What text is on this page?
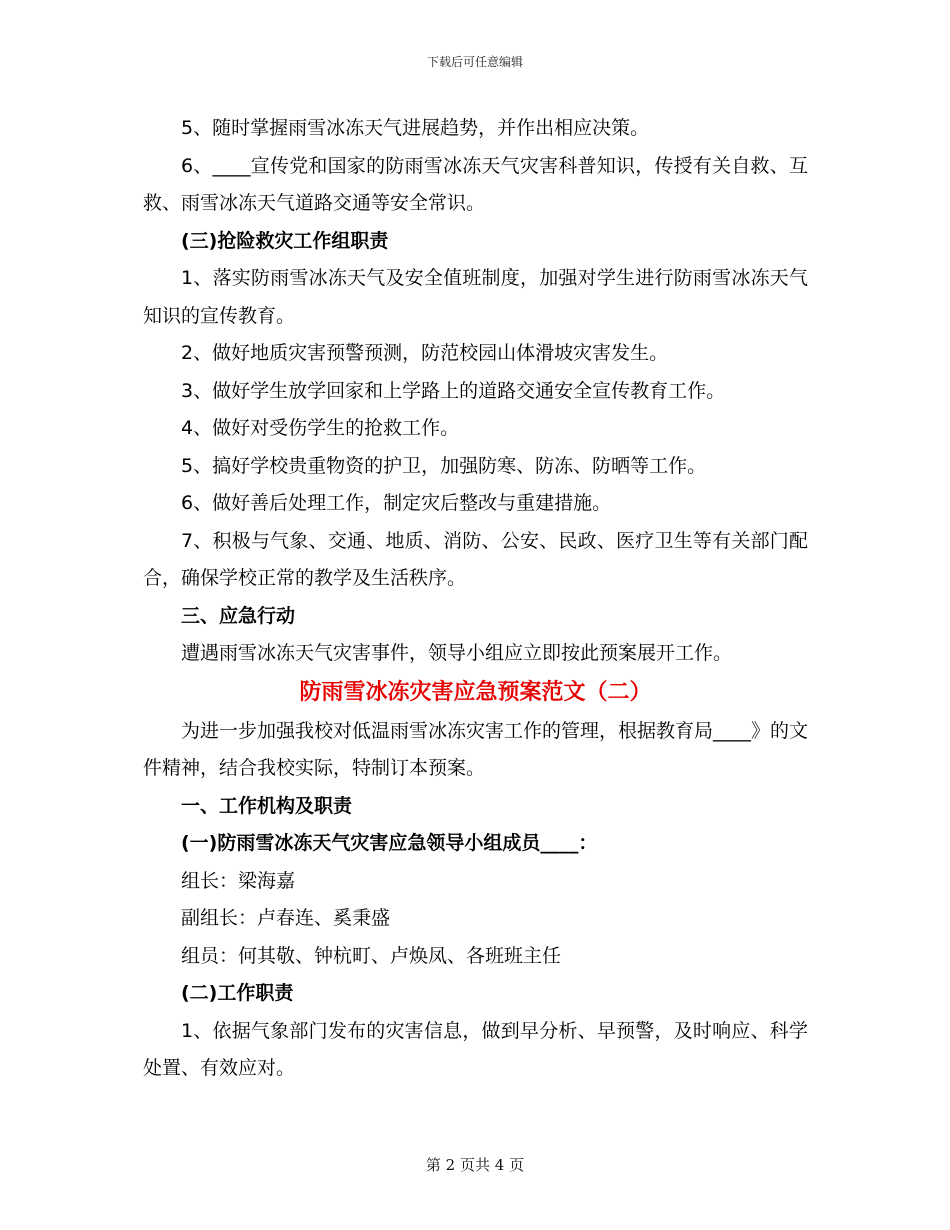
下载后可任意编辑

5、随时掌握雨雪冰冻天气进展趋势，并作出相应决策。

6、____宣传党和国家的防雨雪冰冻天气灾害科普知识，传授有关自救、互救、雨雪冰冻天气道路交通等安全常识。

(三)抢险救灾工作组职责

1、落实防雨雪冰冻天气及安全值班制度，加强对学生进行防雨雪冰冻天气知识的宣传教育。

2、做好地质灾害预警预测，防范校园山体滑坡灾害发生。

3、做好学生放学回家和上学路上的道路交通安全宣传教育工作。

4、做好对受伤学生的抢救工作。

5、搞好学校贵重物资的护卫，加强防寒、防冻、防晒等工作。

6、做好善后处理工作，制定灾后整改与重建措施。

7、积极与气象、交通、地质、消防、公安、民政、医疗卫生等有关部门配合，确保学校正常的教学及生活秩序。

三、应急行动

遭遇雨雪冰冻天气灾害事件，领导小组应立即按此预案展开工作。

防雨雪冰冻灾害应急预案范文（二）

为进一步加强我校对低温雨雪冰冻灾害工作的管理，根据教育局____》的文件精神，结合我校实际，特制订本预案。

一、工作机构及职责

(一)防雨雪冰冻天气灾害应急领导小组成员____：

组长：梁海嘉

副组长：卢春连、奚秉盛

组员：何其敬、钟杭町、卢焕凤、各班班主任

(二)工作职责

1、依据气象部门发布的灾害信息，做到早分析、早预警，及时响应、科学处置、有效应对。

第 2 页共 4 页
